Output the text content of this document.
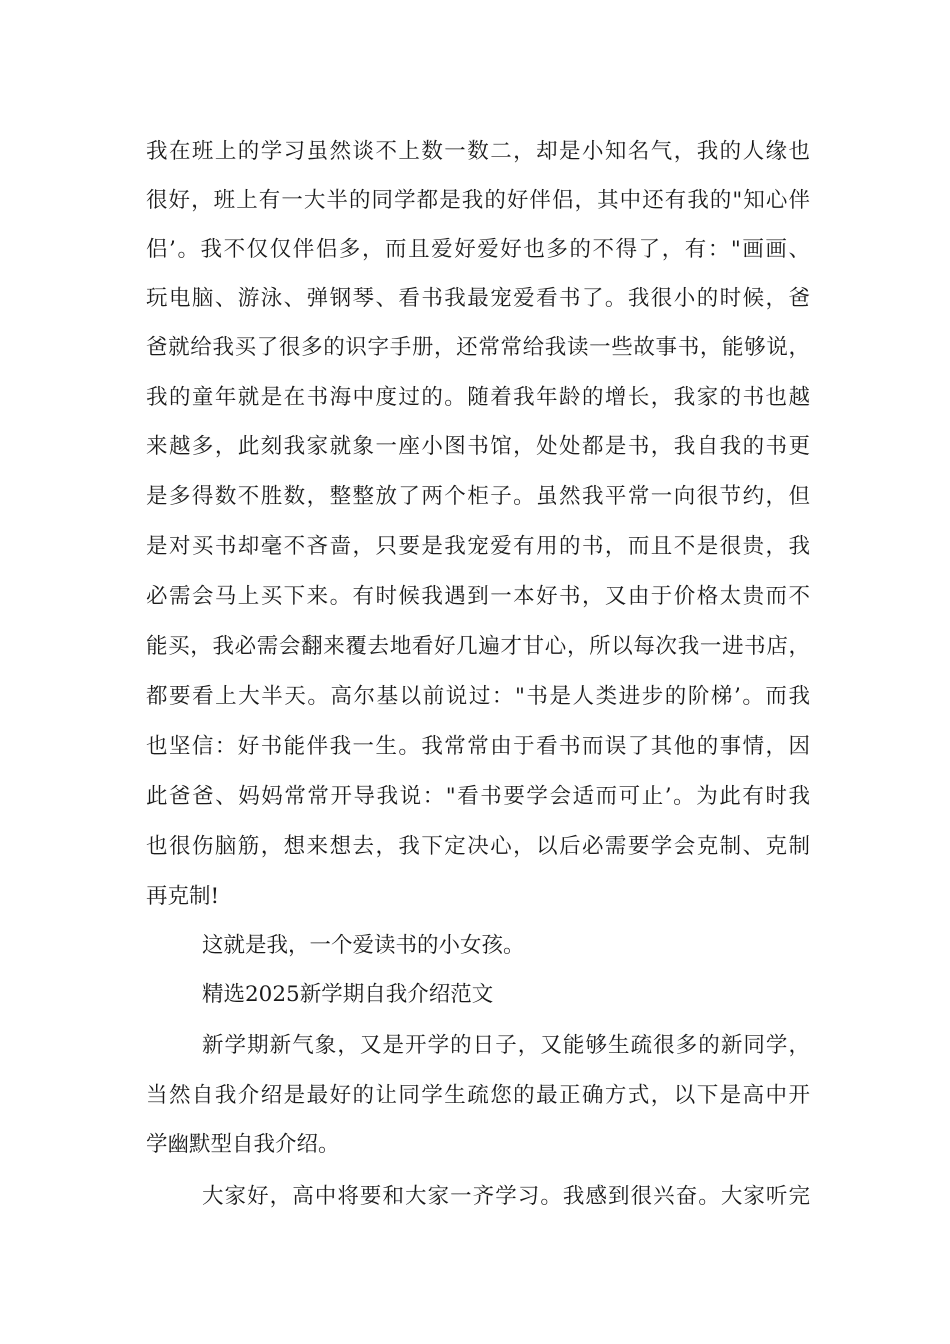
我在班上的学习虽然谈不上数一数二，却是小知名气，我的人缘也
很好，班上有一大半的同学都是我的好伴侣，其中还有我的"知心伴
侣’。我不仅仅伴侣多，而且爱好爱好也多的不得了，有："画画、
玩电脑、游泳、弹钢琴、看书我最宠爱看书了。我很小的时候，爸
爸就给我买了很多的识字手册，还常常给我读一些故事书，能够说，
我的童年就是在书海中度过的。随着我年龄的增长，我家的书也越
来越多，此刻我家就象一座小图书馆，处处都是书，我自我的书更
是多得数不胜数，整整放了两个柜子。虽然我平常一向很节约，但
是对买书却毫不吝啬，只要是我宠爱有用的书，而且不是很贵，我
必需会马上买下来。有时候我遇到一本好书，又由于价格太贵而不
能买，我必需会翻来覆去地看好几遍才甘心，所以每次我一进书店，
都要看上大半天。高尔基以前说过："书是人类进步的阶梯’。而我
也坚信：好书能伴我一生。我常常由于看书而误了其他的事情，因
此爸爸、妈妈常常开导我说："看书要学会适而可止’。为此有时我
也很伤脑筋，想来想去，我下定决心，以后必需要学会克制、克制
再克制!
这就是我，一个爱读书的小女孩。
精选2025新学期自我介绍范文
新学期新气象，又是开学的日子，又能够生疏很多的新同学，
当然自我介绍是最好的让同学生疏您的最正确方式，以下是高中开
学幽默型自我介绍。
大家好，高中将要和大家一齐学习。我感到很兴奋。大家听完
